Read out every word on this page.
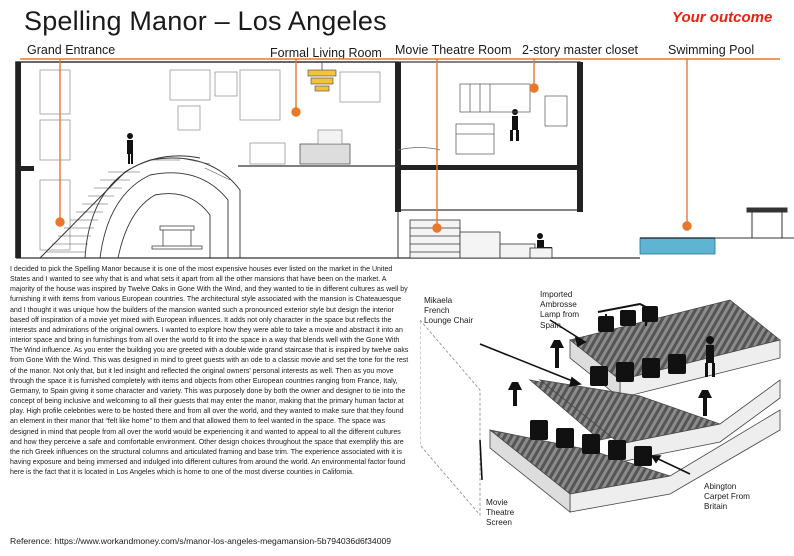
Spelling Manor – Los Angeles	Your outcome
Grand Entrance	Formal Living Room Movie Theatre Room 2-story master closet Swimming Pool
I decided to pick the Spelling Manor because it is one of the most expensive houses ever listed on the market in the United States and I wanted to see why that is and what sets it apart from all the other mansions that have been on the market. A majority of the house was inspired by Twelve Oaks in Gone With the Wind, and they wanted to tie in different cultures as well by furnishing it with items from various European countries. The architectural style associated with the mansion is Chateauesque and I thought it was unique how the builders of the mansion wanted such a pronounced exterior style but design the interior based off inspiration of a movie yet mixed with European influences. It adds not only character in the space but reflects the interests and admirations of the original owners. I wanted to explore how they were able to take a movie and abstract it into an interior space and bring in furnishings from all over the world to fit into the space in a way that blends well with the Gone With The Wind influence. As you enter the building you are greeted with a double wide grand staircase that is inspired by twelve oaks from Gone With the Wind. This was designed in mind to greet guests with an ode to a classic movie and set the tone for the rest of the manor. Not only that, but it led insight and reflected the original owners' personal interests as well. Then as you move through the space it is furnished completely with items and objects from other European countries ranging from France, Italy, Germany, to Spain giving it some character and variety. This was purposely done by both the owner and designer to tie into the concept of being inclusive and welcoming to all their guests that may enter the manor, making that the primary human factor at play. High profile celebrities were to be hosted there and from all over the world, and they wanted to make sure that they found an element in their manor that “felt like home” to them and that allowed them to feel wanted in the space. The space was designed in mind that people from all over the world would be experiencing it and wanted to appeal to all the different cultures and how they perceive a safe and comfortable environment. Other design choices throughout the space that exemplify this are the rich Greek influences on the structural columns and articulated framing and base trim. The experience associated with it is having exposure and being immersed and indulged into different cultures from around the world. An environmental factor found here is the fact that it is located in Los Angeles which is home to one of the most diverse counties in California.
Reference: https://www.workandmoney.com/s/manor-los-angeles-megamansion-5b794036d6f34009
Mikaela
French
Lounge Chair
Imported
Ambrosse
Lamp from
Spain
Movie
Theatre
Screen
Abington
Carpet From
Britain
